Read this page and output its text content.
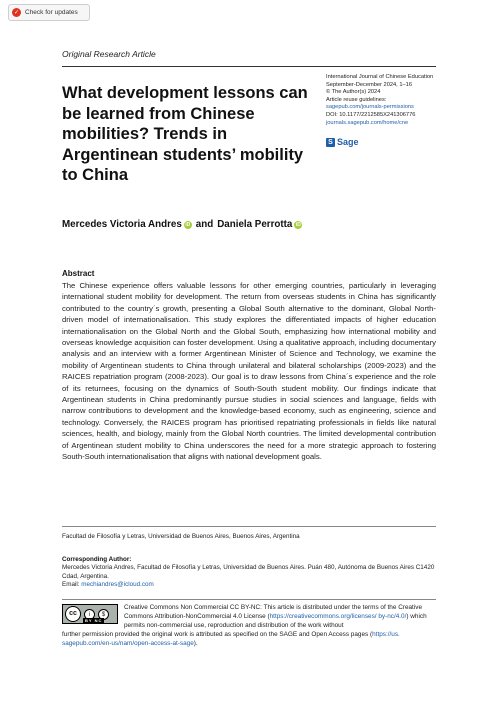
✓ Check for updates
Original Research Article
What development lessons can be learned from Chinese mobilities? Trends in Argentinean students’ mobility to China
International Journal of Chinese Education
September-December 2024, 1–16
© The Author(s) 2024
Article reuse guidelines:
sagepub.com/journals-permissions
DOI: 10.1177/2212585X241306776
journals.sagepub.com/home/cne
S Sage
Mercedes Victoria Andres iD and Daniela Perrotta iD
Abstract
The Chinese experience offers valuable lessons for other emerging countries, particularly in leveraging international student mobility for development. The return from overseas students in China has significantly contributed to the country´s growth, presenting a Global South alternative to the dominant, Global North-driven model of internationalisation. This study explores the differentiated impacts of higher education internationalisation on the Global North and the Global South, emphasizing how international mobility and overseas knowledge acquisition can foster development. Using a qualitative approach, including documentary analysis and an interview with a former Argentinean Minister of Science and Technology, we examine the mobility of Argentinean students to China through unilateral and bilateral scholarships (2009-2023) and the RAICES repatriation program (2008-2023). Our goal is to draw lessons from China´s experience and the role of its returnees, focusing on the dynamics of South-South student mobility. Our findings indicate that Argentinean students in China predominantly pursue studies in social sciences and language, fields with narrow contributions to development and the knowledge-based economy, such as engineering, science and technology. Conversely, the RAICES program has prioritised repatriating professionals in fields like natural sciences, health, and biology, mainly from the Global North countries. The limited developmental contribution of Argentinean student mobility to China underscores the need for a more strategic approach to fostering South-South internationalisation that aligns with national development goals.
Facultad de Filosofía y Letras, Universidad de Buenos Aires, Buenos Aires, Argentina
Corresponding Author:
Mercedes Victoria Andres, Facultad de Filosofía y Letras, Universidad de Buenos Aires. Puán 480, Autónoma de Buenos Aires C1420 Cdad, Argentina.
Email: mechiandres@icloud.com
Creative Commons Non Commercial CC BY-NC: This article is distributed under the terms of the Creative Commons Attribution-NonCommercial 4.0 License (https://creativecommons.org/licenses/ by-nc/4.0/) which permits non-commercial use, reproduction and distribution of the work without
further permission provided the original work is attributed as specified on the SAGE and Open Access pages (https://us. sagepub.com/en-us/nam/open-access-at-sage).
cc	i	$
BY NC
